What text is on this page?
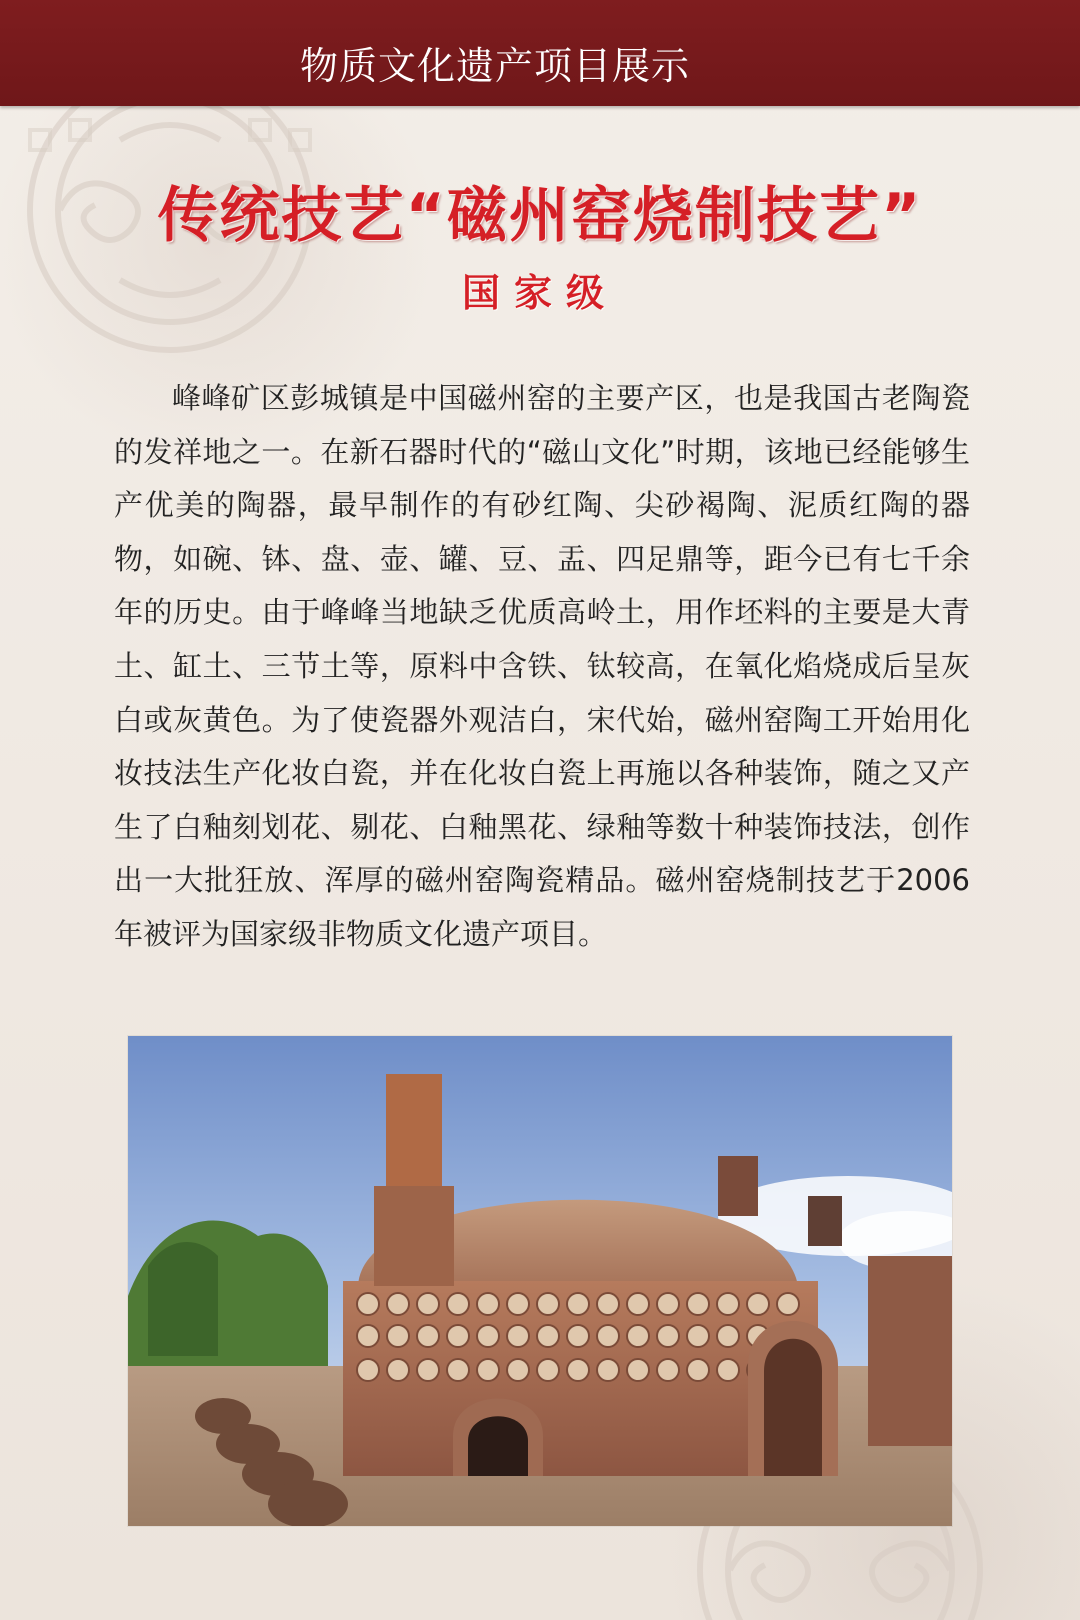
物质文化遗产项目展示
传统技艺“磁州窑烧制技艺”
国家级

峰峰矿区彭城镇是中国磁州窑的主要产区，也是我国古老陶瓷的发祥地之一。在新石器时代的“磁山文化”时期，该地已经能够生产优美的陶器，最早制作的有砂红陶、尖砂褐陶、泥质红陶的器物，如碗、钵、盘、壶、罐、豆、盂、四足鼎等，距今已有七千余年的历史。由于峰峰当地缺乏优质高岭土，用作坯料的主要是大青土、缸土、三节土等，原料中含铁、钛较高，在氧化焰烧成后呈灰白或灰黄色。为了使瓷器外观洁白，宋代始，磁州窑陶工开始用化妆技法生产化妆白瓷，并在化妆白瓷上再施以各种装饰，随之又产生了白釉刻划花、剔花、白釉黑花、绿釉等数十种装饰技法，创作出一大批狂放、浑厚的磁州窑陶瓷精品。磁州窑烧制技艺于2006年被评为国家级非物质文化遗产项目。
